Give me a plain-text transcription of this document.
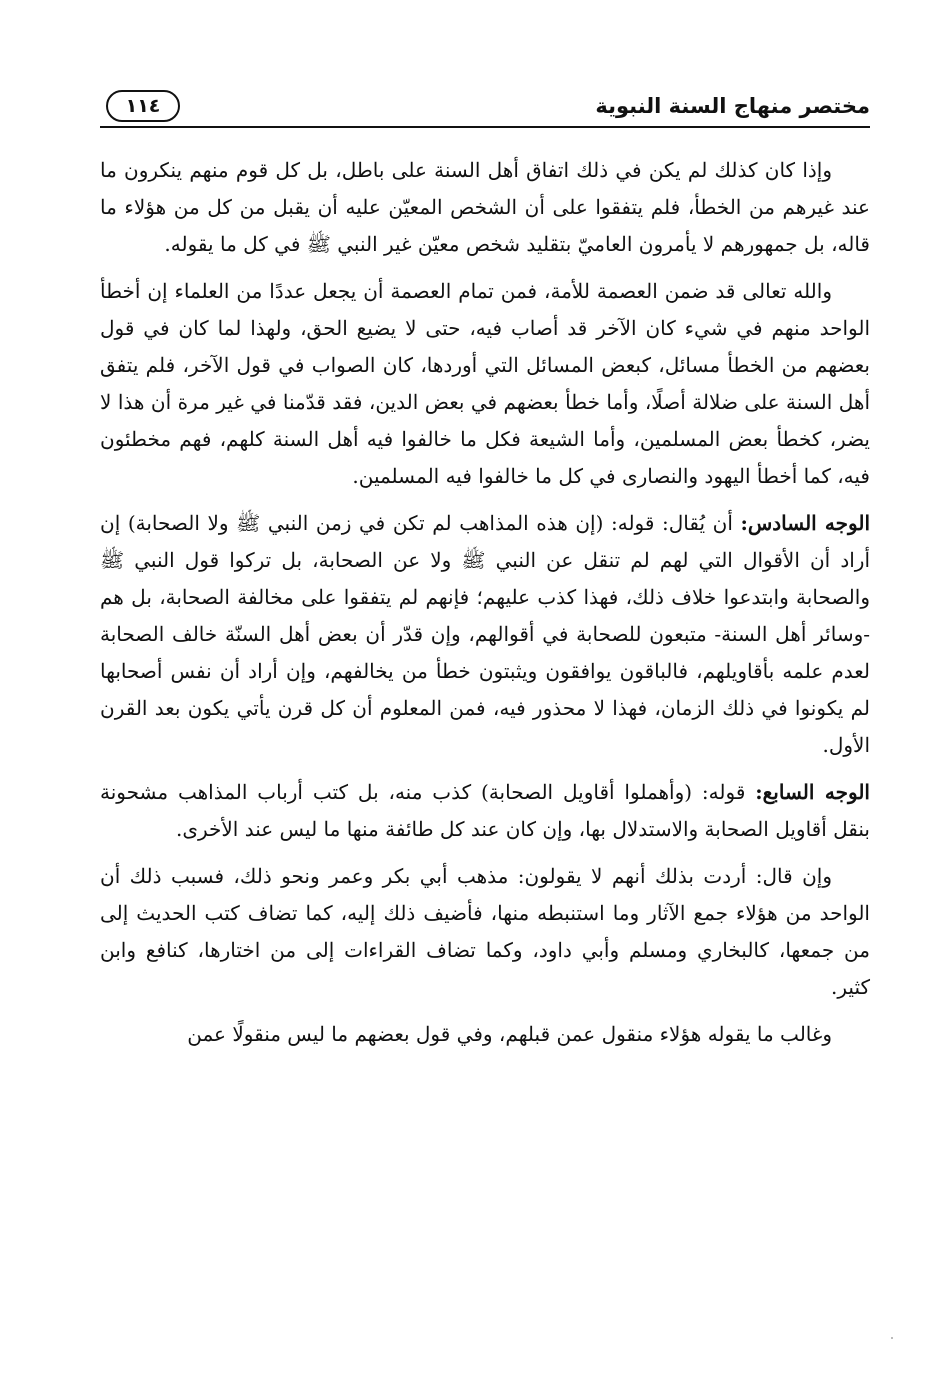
١١٤	مختصر منهاج السنة النبوية

وإذا كان كذلك لم يكن في ذلك اتفاق أهل السنة على باطل، بل كل قوم منهم ينكرون ما عند غيرهم من الخطأ، فلم يتفقوا على أن الشخص المعيّن عليه أن يقبل من كل من هؤلاء ما قاله، بل جمهورهم لا يأمرون العاميّ بتقليد شخص معيّن غير النبي ﷺ في كل ما يقوله.

والله تعالى قد ضمن العصمة للأمة، فمن تمام العصمة أن يجعل عددًا من العلماء إن أخطأ الواحد منهم في شيء كان الآخر قد أصاب فيه، حتى لا يضيع الحق، ولهذا لما كان في قول بعضهم من الخطأ مسائل، كبعض المسائل التي أوردها، كان الصواب في قول الآخر، فلم يتفق أهل السنة على ضلالة أصلًا، وأما خطأ بعضهم في بعض الدين، فقد قدّمنا في غير مرة أن هذا لا يضر، كخطأ بعض المسلمين، وأما الشيعة فكل ما خالفوا فيه أهل السنة كلهم، فهم مخطئون فيه، كما أخطأ اليهود والنصارى في كل ما خالفوا فيه المسلمين.

الوجه السادس: أن يُقال: قوله: (إن هذه المذاهب لم تكن في زمن النبي ﷺ ولا الصحابة) إن أراد أن الأقوال التي لهم لم تنقل عن النبي ﷺ ولا عن الصحابة، بل تركوا قول النبي ﷺ والصحابة وابتدعوا خلاف ذلك، فهذا كذب عليهم؛ فإنهم لم يتفقوا على مخالفة الصحابة، بل هم -وسائر أهل السنة- متبعون للصحابة في أقوالهم، وإن قدّر أن بعض أهل السنّة خالف الصحابة لعدم علمه بأقاويلهم، فالباقون يوافقون ويثبتون خطأ من يخالفهم، وإن أراد أن نفس أصحابها لم يكونوا في ذلك الزمان، فهذا لا محذور فيه، فمن المعلوم أن كل قرن يأتي يكون بعد القرن الأول.

الوجه السابع: قوله: (وأهملوا أقاويل الصحابة) كذب منه، بل كتب أرباب المذاهب مشحونة بنقل أقاويل الصحابة والاستدلال بها، وإن كان عند كل طائفة منها ما ليس عند الأخرى.

وإن قال: أردت بذلك أنهم لا يقولون: مذهب أبي بكر وعمر ونحو ذلك، فسبب ذلك أن الواحد من هؤلاء جمع الآثار وما استنبطه منها، فأضيف ذلك إليه، كما تضاف كتب الحديث إلى من جمعها، كالبخاري ومسلم وأبي داود، وكما تضاف القراءات إلى من اختارها، كنافع وابن كثير.

وغالب ما يقوله هؤلاء منقول عمن قبلهم، وفي قول بعضهم ما ليس منقولًا عمن
